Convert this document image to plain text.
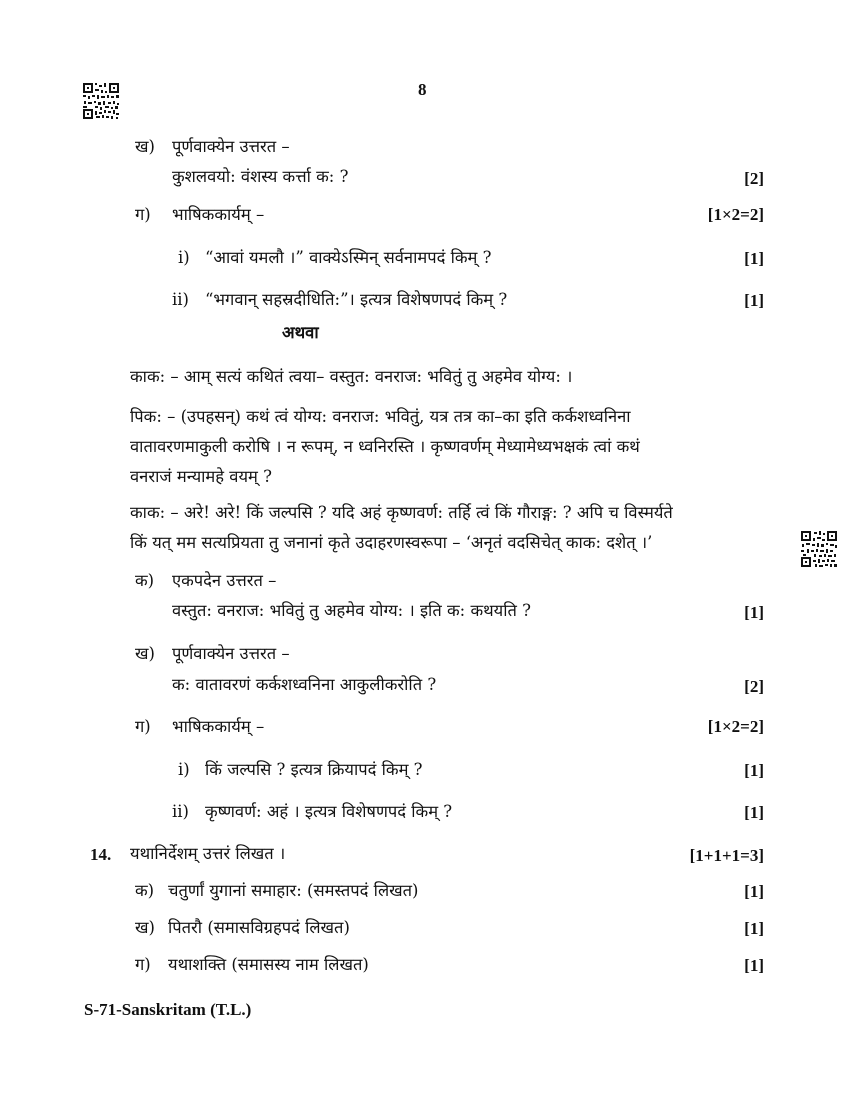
8
ख) पूर्णवाक्येन उत्तरत –
कुशलवयो: वंशस्य कर्त्ता क: ?	[2]
ग) भाषिककार्यम् –	[1×2=2]
i) “आवां यमलौ ।” वाक्येऽस्मिन् सर्वनामपदं किम् ?	[1]
ii) “भगवान् सहस्रदीधिति:”। इत्यत्र विशेषणपदं किम् ?	[1]
अथवा
काक: – आम् सत्यं कथितं त्वया– वस्तुत: वनराज: भवितुं तु अहमेव योग्य: ।
पिक: – (उपहसन्) कथं त्वं योग्य: वनराज: भवितुं, यत्र तत्र का–का इति कर्कशध्वनिना
वातावरणमाकुली करोषि । न रूपम्, न ध्वनिरस्ति । कृष्णवर्णम् मेध्यामेध्यभक्षकं त्वां कथं
वनराजं मन्यामहे वयम् ?
काक: – अरे! अरे! किं जल्पसि ? यदि अहं कृष्णवर्ण: तर्हि त्वं किं गौराङ्ग: ? अपि च विस्मर्यते
किं यत् मम सत्यप्रियता तु जनानां कृते उदाहरणस्वरूपा – ‘अनृतं वदसिचेत् काक: दशेत् ।’
क) एकपदेन उत्तरत –
वस्तुत: वनराज: भवितुं तु अहमेव योग्य: । इति क: कथयति ?	[1]
ख) पूर्णवाक्येन उत्तरत –
क: वातावरणं कर्कशध्वनिना आकुलीकरोति ?	[2]
ग) भाषिककार्यम् –	[1×2=2]
i) किं जल्पसि ? इत्यत्र क्रियापदं किम् ?	[1]
ii) कृष्णवर्ण: अहं । इत्यत्र विशेषणपदं किम् ?	[1]
14. यथानिर्देशम् उत्तरं लिखत ।	[1+1+1=3]
क) चतुर्णां युगानां समाहार: (समस्तपदं लिखत)	[1]
ख) पितरौ (समासविग्रहपदं लिखत)	[1]
ग) यथाशक्ति (समासस्य नाम लिखत)	[1]
S-71-Sanskritam (T.L.)
